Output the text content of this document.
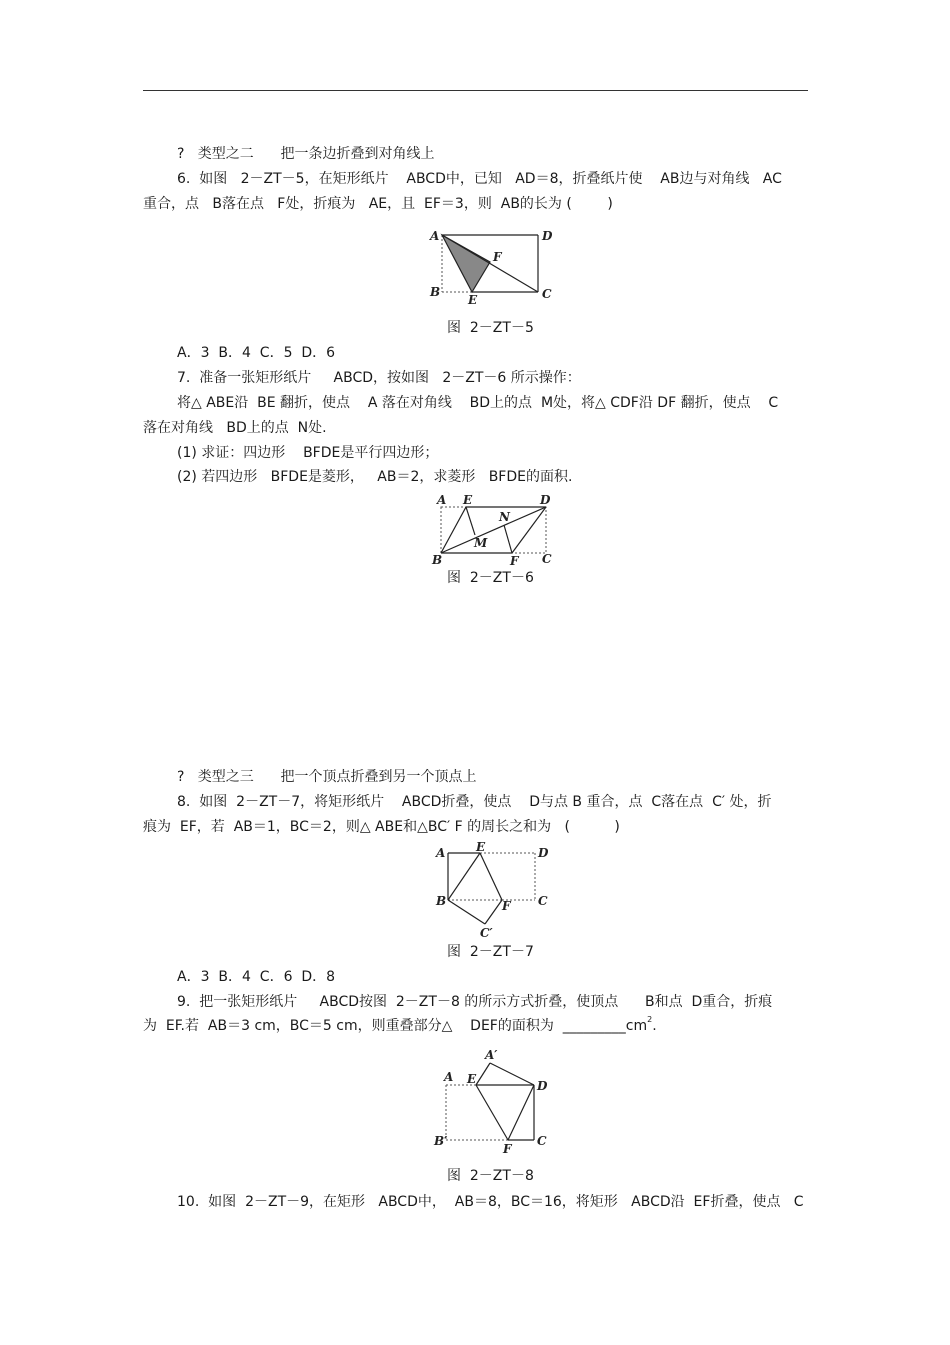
?   类型之二      把一条边折叠到对角线上
6.  如图   2－ZT－5，在矩形纸片    ABCD中，已知   AD＝8，折叠纸片使    AB边与对角线   AC
重合，点   B落在点   F处，折痕为   AE，且  EF＝3，则  AB的长为 (        )
A	D
F
B
E	C
图  2－ZT－5
A．3  B．4  C．5  D．6
7.  准备一张矩形纸片     ABCD，按如图   2－ZT－6 所示操作：
将△ ABE沿  BE 翻折，使点    A 落在对角线    BD上的点  M处，将△ CDF沿 DF 翻折，使点    C
落在对角线   BD上的点  N处.
(1) 求证：四边形    BFDE是平行四边形；
(2) 若四边形   BFDE是菱形，   AB＝2，求菱形   BFDE的面积.
A E	D
N
M
B	F C
图  2－ZT－6
?   类型之三      把一个顶点折叠到另一个顶点上
8.  如图  2－ZT－7，将矩形纸片    ABCD折叠，使点    D与点 B 重合，点  C落在点  C′ 处，折
痕为  EF，若  AB＝1，BC＝2，则△ ABE和△BC′ F 的周长之和为   (          )
A	E	D
B	F C
C′
图  2－ZT－7
A．3  B．4  C．6  D．8
9.  把一张矩形纸片     ABCD按图  2－ZT－8 的所示方式折叠，使顶点      B和点  D重合，折痕
为  EF.若  AB＝3 cm，BC＝5 cm，则重叠部分△    DEF的面积为  $\_\_\_\_\_\_\_\_\_cm^2$.
A′
A E	D
B′
F
C
图  2－ZT－8
10.  如图  2－ZT－9，在矩形   ABCD中，  AB＝8，BC＝16，将矩形   ABCD沿  EF折叠，使点   C
